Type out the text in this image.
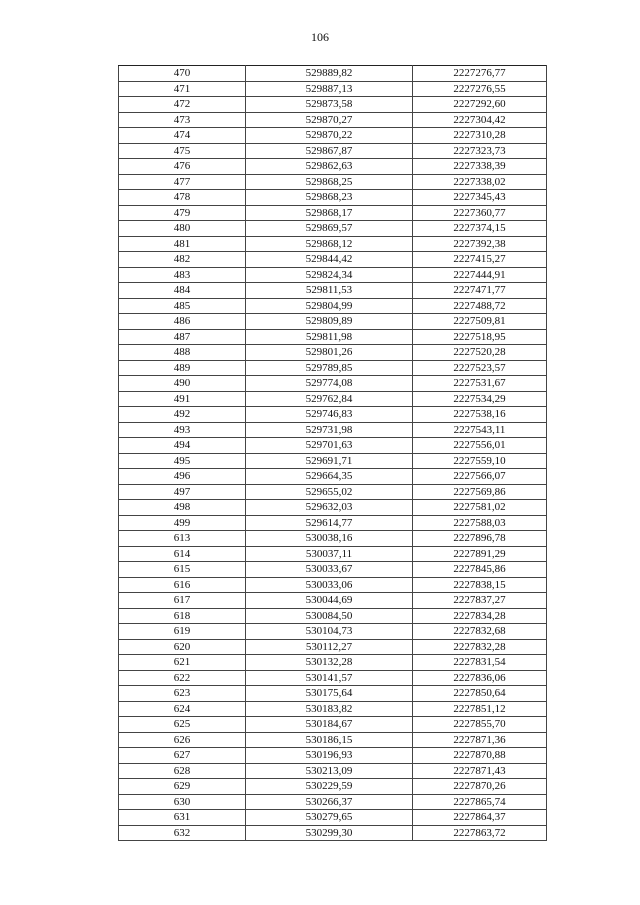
106
470	529889,82	2227276,77
471	529887,13	2227276,55
472	529873,58	2227292,60
473	529870,27	2227304,42
474	529870,22	2227310,28
475	529867,87	2227323,73
476	529862,63	2227338,39
477	529868,25	2227338,02
478	529868,23	2227345,43
479	529868,17	2227360,77
480	529869,57	2227374,15
481	529868,12	2227392,38
482	529844,42	2227415,27
483	529824,34	2227444,91
484	529811,53	2227471,77
485	529804,99	2227488,72
486	529809,89	2227509,81
487	529811,98	2227518,95
488	529801,26	2227520,28
489	529789,85	2227523,57
490	529774,08	2227531,67
491	529762,84	2227534,29
492	529746,83	2227538,16
493	529731,98	2227543,11
494	529701,63	2227556,01
495	529691,71	2227559,10
496	529664,35	2227566,07
497	529655,02	2227569,86
498	529632,03	2227581,02
499	529614,77	2227588,03
613	530038,16	2227896,78
614	530037,11	2227891,29
615	530033,67	2227845,86
616	530033,06	2227838,15
617	530044,69	2227837,27
618	530084,50	2227834,28
619	530104,73	2227832,68
620	530112,27	2227832,28
621	530132,28	2227831,54
622	530141,57	2227836,06
623	530175,64	2227850,64
624	530183,82	2227851,12
625	530184,67	2227855,70
626	530186,15	2227871,36
627	530196,93	2227870,88
628	530213,09	2227871,43
629	530229,59	2227870,26
630	530266,37	2227865,74
631	530279,65	2227864,37
632	530299,30	2227863,72
